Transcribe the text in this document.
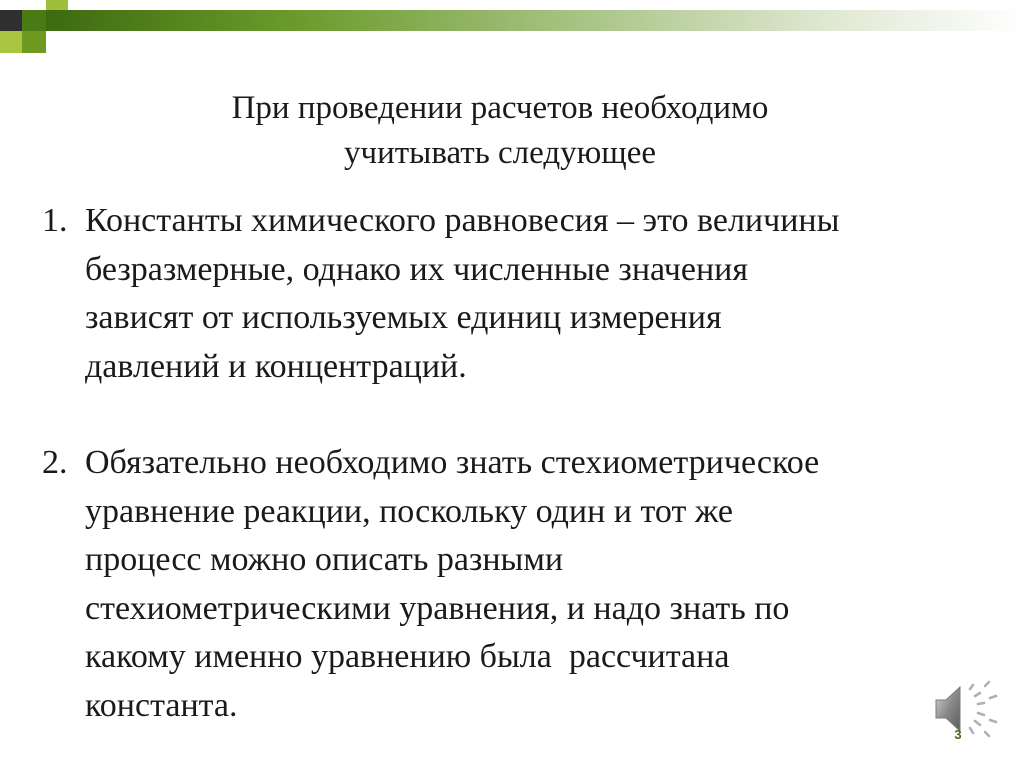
При проведении расчетов необходимо
учитывать следующее
1. Константы химического равновесия – это величины
безразмерные, однако их численные значения
зависят от используемых единиц измерения
давлений и концентраций.
2. Обязательно необходимо знать стехиометрическое
уравнение реакции, поскольку один и тот же
процесс можно описать разными
стехиометрическими уравнения, и надо знать по
какому именно уравнению была  рассчитана
константа.
3
